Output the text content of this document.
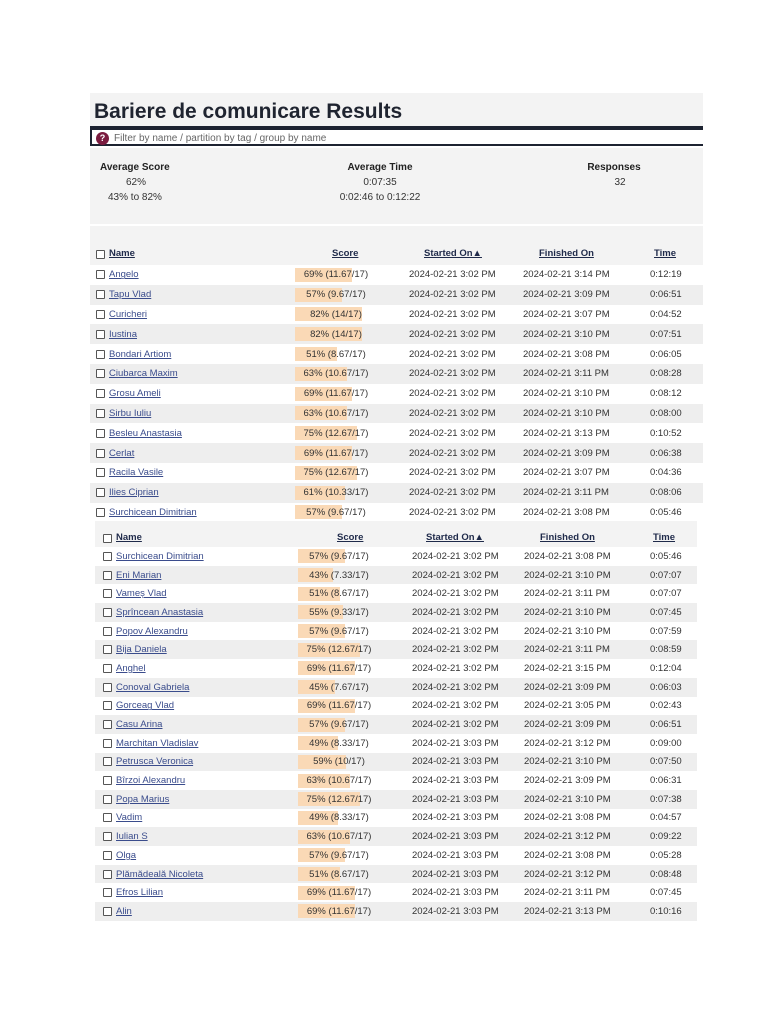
Bariere de comunicare Results
?
Filter by name / partition by tag / group by name
Average Score
62%
43% to 82%
Average Time
0:07:35
0:02:46 to 0:12:22
Responses
32
Name	Score	Started On▲	Finished On	Time
Angelo	69% (11.67/17)	2024-02-21 3:02 PM	2024-02-21 3:14 PM	0:12:19
Tapu Vlad	57% (9.67/17)	2024-02-21 3:02 PM	2024-02-21 3:09 PM	0:06:51
Curicheri	82% (14/17)	2024-02-21 3:02 PM	2024-02-21 3:07 PM	0:04:52
Iustina	82% (14/17)	2024-02-21 3:02 PM	2024-02-21 3:10 PM	0:07:51
Bondari Artiom	51% (8.67/17)	2024-02-21 3:02 PM	2024-02-21 3:08 PM	0:06:05
Ciubarca Maxim	63% (10.67/17)	2024-02-21 3:02 PM	2024-02-21 3:11 PM	0:08:28
Grosu Ameli	69% (11.67/17)	2024-02-21 3:02 PM	2024-02-21 3:10 PM	0:08:12
Sirbu Iuliu	63% (10.67/17)	2024-02-21 3:02 PM	2024-02-21 3:10 PM	0:08:00
Besleu Anastasia	75% (12.67/17)	2024-02-21 3:02 PM	2024-02-21 3:13 PM	0:10:52
Cerlat	69% (11.67/17)	2024-02-21 3:02 PM	2024-02-21 3:09 PM	0:06:38
Racila Vasile	75% (12.67/17)	2024-02-21 3:02 PM	2024-02-21 3:07 PM	0:04:36
Ilies Ciprian	61% (10.33/17)	2024-02-21 3:02 PM	2024-02-21 3:11 PM	0:08:06
Surchicean Dimitrian	57% (9.67/17)	2024-02-21 3:02 PM	2024-02-21 3:08 PM	0:05:46
Name	Score	Started On▲	Finished On	Time
Surchicean Dimitrian	57% (9.67/17)	2024-02-21 3:02 PM	2024-02-21 3:08 PM	0:05:46
Eni Marian	43% (7.33/17)	2024-02-21 3:02 PM	2024-02-21 3:10 PM	0:07:07
Vameș Vlad	51% (8.67/17)	2024-02-21 3:02 PM	2024-02-21 3:11 PM	0:07:07
Sprîncean Anastasia	55% (9.33/17)	2024-02-21 3:02 PM	2024-02-21 3:10 PM	0:07:45
Popov Alexandru	57% (9.67/17)	2024-02-21 3:02 PM	2024-02-21 3:10 PM	0:07:59
Bija Daniela	75% (12.67/17)	2024-02-21 3:02 PM	2024-02-21 3:11 PM	0:08:59
Anghel	69% (11.67/17)	2024-02-21 3:02 PM	2024-02-21 3:15 PM	0:12:04
Conoval Gabriela	45% (7.67/17)	2024-02-21 3:02 PM	2024-02-21 3:09 PM	0:06:03
Gorceag Vlad	69% (11.67/17)	2024-02-21 3:02 PM	2024-02-21 3:05 PM	0:02:43
Casu Arina	57% (9.67/17)	2024-02-21 3:02 PM	2024-02-21 3:09 PM	0:06:51
Marchitan Vladislav	49% (8.33/17)	2024-02-21 3:03 PM	2024-02-21 3:12 PM	0:09:00
Petrusca Veronica	59% (10/17)	2024-02-21 3:03 PM	2024-02-21 3:10 PM	0:07:50
Bîrzoi Alexandru	63% (10.67/17)	2024-02-21 3:03 PM	2024-02-21 3:09 PM	0:06:31
Popa Marius	75% (12.67/17)	2024-02-21 3:03 PM	2024-02-21 3:10 PM	0:07:38
Vadim	49% (8.33/17)	2024-02-21 3:03 PM	2024-02-21 3:08 PM	0:04:57
Iulian S	63% (10.67/17)	2024-02-21 3:03 PM	2024-02-21 3:12 PM	0:09:22
Olga	57% (9.67/17)	2024-02-21 3:03 PM	2024-02-21 3:08 PM	0:05:28
Plămădeală Nicoleta	51% (8.67/17)	2024-02-21 3:03 PM	2024-02-21 3:12 PM	0:08:48
Efros Lilian	69% (11.67/17)	2024-02-21 3:03 PM	2024-02-21 3:11 PM	0:07:45
Alin	69% (11.67/17)	2024-02-21 3:03 PM	2024-02-21 3:13 PM	0:10:16
